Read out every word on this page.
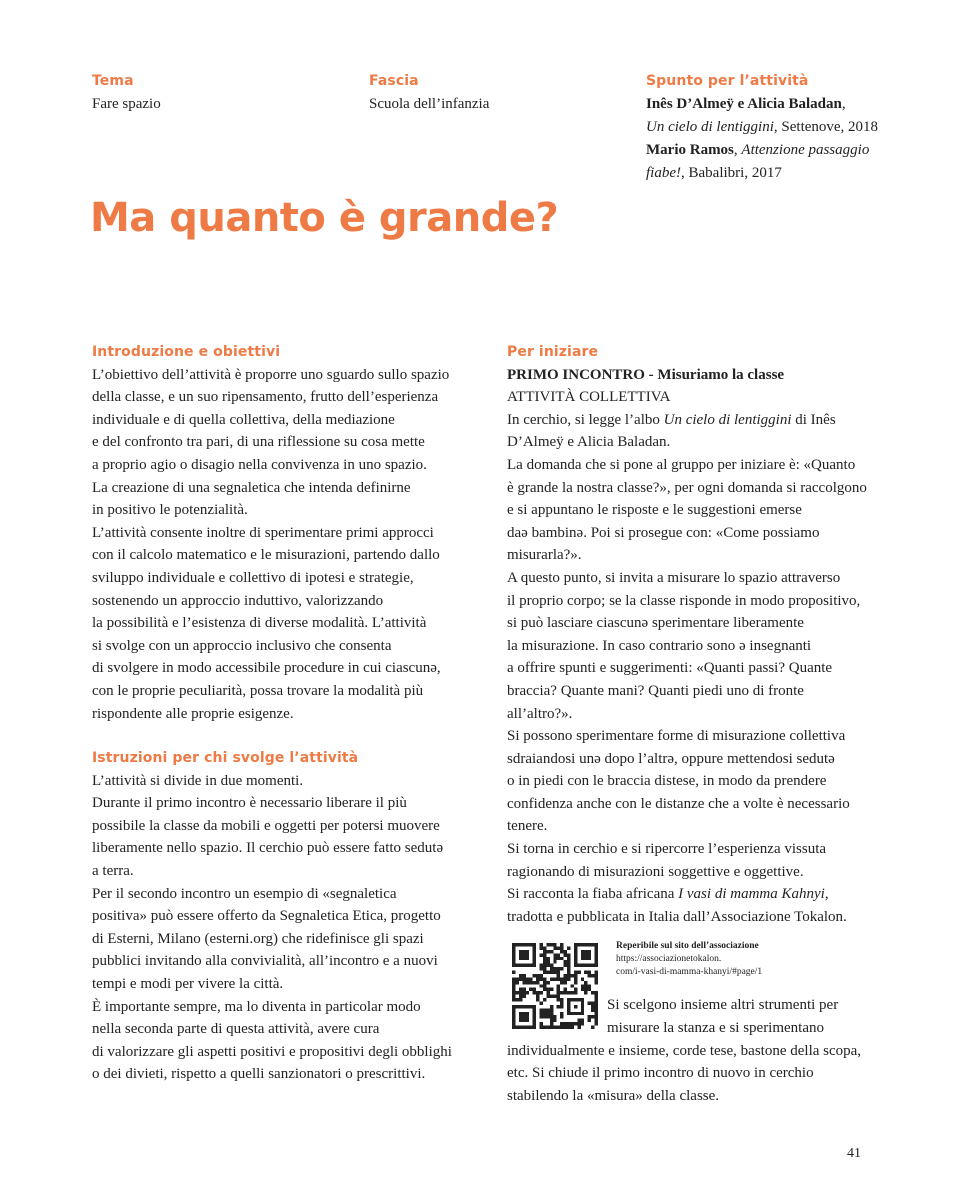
Tema
Fare spazio
Fascia
Scuola dell’infanzia
Spunto per l’attività
Inês D’Almeÿ e Alicia Baladan,
Un cielo di lentiggini, Settenove, 2018
Mario Ramos, Attenzione passaggio
fiabe!, Babalibri, 2017
Ma quanto è grande?
Introduzione e obiettivi
L’obiettivo dell’attività è proporre uno sguardo sullo spazio
della classe, e un suo ripensamento, frutto dell’esperienza
individuale e di quella collettiva, della mediazione
e del confronto tra pari, di una riflessione su cosa mette
a proprio agio o disagio nella convivenza in uno spazio.
La creazione di una segnaletica che intenda definirne
in positivo le potenzialità.
L’attività consente inoltre di sperimentare primi approcci
con il calcolo matematico e le misurazioni, partendo dallo
sviluppo individuale e collettivo di ipotesi e strategie,
sostenendo un approccio induttivo, valorizzando
la possibilità e l’esistenza di diverse modalità. L’attività
si svolge con un approccio inclusivo che consenta
di svolgere in modo accessibile procedure in cui ciascunə,
con le proprie peculiarità, possa trovare la modalità più
rispondente alle proprie esigenze.
Istruzioni per chi svolge l’attività
L’attività si divide in due momenti.
Durante il primo incontro è necessario liberare il più
possibile la classe da mobili e oggetti per potersi muovere
liberamente nello spazio. Il cerchio può essere fatto sedutə
a terra.
Per il secondo incontro un esempio di «segnaletica
positiva» può essere offerto da Segnaletica Etica, progetto
di Esterni, Milano (esterni.org) che ridefinisce gli spazi
pubblici invitando alla convivialità, all’incontro e a nuovi
tempi e modi per vivere la città.
È importante sempre, ma lo diventa in particolar modo
nella seconda parte di questa attività, avere cura
di valorizzare gli aspetti positivi e propositivi degli obblighi
o dei divieti, rispetto a quelli sanzionatori o prescrittivi.
Per iniziare
PRIMO INCONTRO - Misuriamo la classe
ATTIVITÀ COLLETTIVA
In cerchio, si legge l’albo Un cielo di lentiggini di Inês
D’Almeÿ e Alicia Baladan.
La domanda che si pone al gruppo per iniziare è: «Quanto
è grande la nostra classe?», per ogni domanda si raccolgono
e si appuntano le risposte e le suggestioni emerse
daə bambinə. Poi si prosegue con: «Come possiamo
misurarla?».
A questo punto, si invita a misurare lo spazio attraverso
il proprio corpo; se la classe risponde in modo propositivo,
si può lasciare ciascunə sperimentare liberamente
la misurazione. In caso contrario sono ə insegnanti
a offrire spunti e suggerimenti: «Quanti passi? Quante
braccia? Quante mani? Quanti piedi uno di fronte
all’altro?».
Si possono sperimentare forme di misurazione collettiva
sdraiandosi unə dopo l’altrə, oppure mettendosi sedutə
o in piedi con le braccia distese, in modo da prendere
confidenza anche con le distanze che a volte è necessario
tenere.
Si torna in cerchio e si ripercorre l’esperienza vissuta
ragionando di misurazioni soggettive e oggettive.
Si racconta la fiaba africana I vasi di mamma Kahnyi,
tradotta e pubblicata in Italia dall’Associazione Tokalon.
Reperibile sul sito dell’associazione
https://associazionetokalon.
com/i-vasi-di-mamma-khanyi/#page/1
Si scelgono insieme altri strumenti per
misurare la stanza e si sperimentano
individualmente e insieme, corde tese, bastone della scopa,
etc. Si chiude il primo incontro di nuovo in cerchio
stabilendo la «misura» della classe.
41
